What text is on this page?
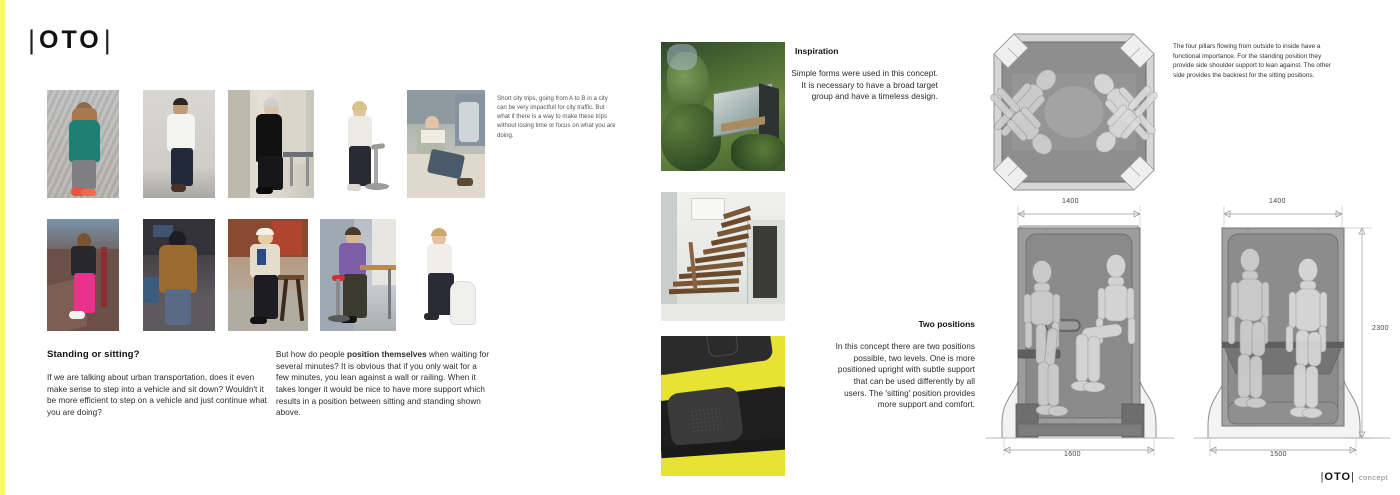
| OTO |
Short city trips, going from A to B in a city can be very impactfull for city traffic. But what if there is a way to make these trips without losing time or focus on what you are doing.
Standing or sitting?
If we are talking about urban transportation, does it even make sense to step into a vehicle and sit down? Wouldn't it be more efficient to step on a vehicle and just continue what you are doing?
But how do people position themselves when waiting for several minutes? It is obvious that if you only wait for a few minutes, you lean against a wall or railing. When it takes longer it would be nice to have more support which results in a position between sitting and standing shown above.
Inspiration
Simple forms were used in this concept. It is necessary to have a broad target group and have a timeless design.
The four pillars flowing from outside to inside have a functional importance. For the standing position they provide side shoulder support to lean against. The other side provides the backrest for the sitting positions.
Two positions
In this concept there are two positions possible, two levels. One is more positioned upright with subtle support that can be used differently by all users. The 'sitting' position provides more support and comfort.
1400
1600
1400
1500
2300
|OTO| concept
